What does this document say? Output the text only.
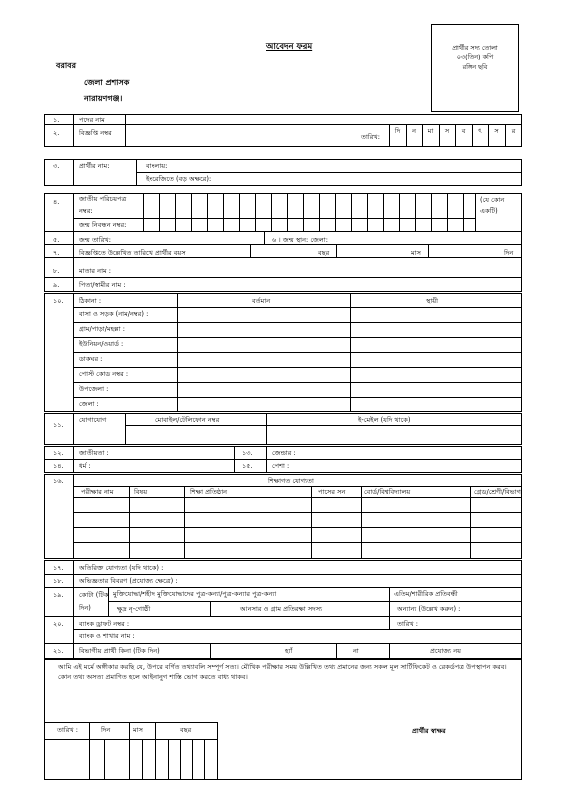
আবেদন ফরম
বরাবর
জেলা প্রশাসক
নারায়ণগঞ্জ।
প্রার্থীর সদ্য তোলা
০৩(তিন) কপি
রঙ্গিন ছবি
১.	পদের নাম
২.	বিজ্ঞপ্তি নম্বর	তারিখ:
দি	ন	মা	স	ব	ৎ	স	র
৩.	প্রার্থীর নাম:	বাংলায়:
ইংরেজিতে (বড় অক্ষরে):
৪.	জাতীয় পরিচয়পত্র
নম্বর:
জন্ম নিবন্ধন নম্বর:
(যে কোন
একটি)
৫.	জন্ম তারিখ:	৬ । জন্ম স্থান: জেলা:
৭.	বিজ্ঞপ্তিতে উল্লেখিত তারিখে প্রার্থীর বয়স	বছর	মাস	দিন
৮.	মাতার নাম :
৯.	পিতা/স্বামীর নাম :
১০. ঠিকানা :	বর্তমান	স্থায়ী
বাসা ও সড়ক (নাম/নম্বর) :
গ্রাম/পাড়া/মহল্লা :
ইউনিয়ন/ওয়ার্ড :
ডাকঘর :
পোস্ট কোড নম্বর :
উপজেলা :
জেলা :
১১.
যোগাযোগ	মোবাইল/টেলিফোন নম্বর	ই-মেইল (যদি থাকে)
১২. জাতীয়তা :	১৩.	জেন্ডার :
১৪. ধর্ম :	১৫.	পেশা :
১৬.	শিক্ষাগত যোগ্যতা
পরীক্ষার নাম	বিষয়	শিক্ষা প্রতিষ্ঠান	পাসের সন	বোর্ড/বিশ্ববিদ্যালয়	গ্রেড/শ্রেণী/বিভাগ
১৭. অতিরিক্ত যোগ্যতা (যদি থাকে) :
১৮. অভিজ্ঞতার বিবরণ (প্রযোজ্য ক্ষেত্রে) :
১৯. কোটা (টিক
দিন)
মুক্তিযোদ্ধা/শহীদ মুক্তিযোদ্ধাদের পুত্র-কন্যা/পুত্র-কন্যার পুত্র-কন্যা	এতিম/শারীরিক প্রতিবন্ধী
ক্ষুদ্র নৃ-গোষ্ঠী	আনসার ও গ্রাম প্রতিরক্ষা সদস্য	অন্যান্য (উল্লেখ করুন) :
২০. ব্যাংক ড্রাফট নম্বর :	তারিখ :
ব্যাংক ও শাখার নাম :
২১. বিভাগীয় প্রার্থী কিনা (টিক দিন)	হ্যাঁ	না	প্রযোজ্য নয়
আমি এই মর্মে অঙ্গীকার করছি যে, উপরে বর্ণিত তথ্যাবলি সম্পূর্ণ সত্য। মৌখিক পরীক্ষার সময় উল্লিখিত তথ্য প্রমানের জন্য সকল মূল সার্টিফিকেট ও রেকর্ডপত্র উপস্থাপন করব। কোন তথ্য অসত্য প্রমাণিত হলে আইনানুগ শাস্তি ভোগ করতে বাধ্য থাকব।
তারিখ :	দিন	মাস	বছর	প্রার্থীর স্বাক্ষর
